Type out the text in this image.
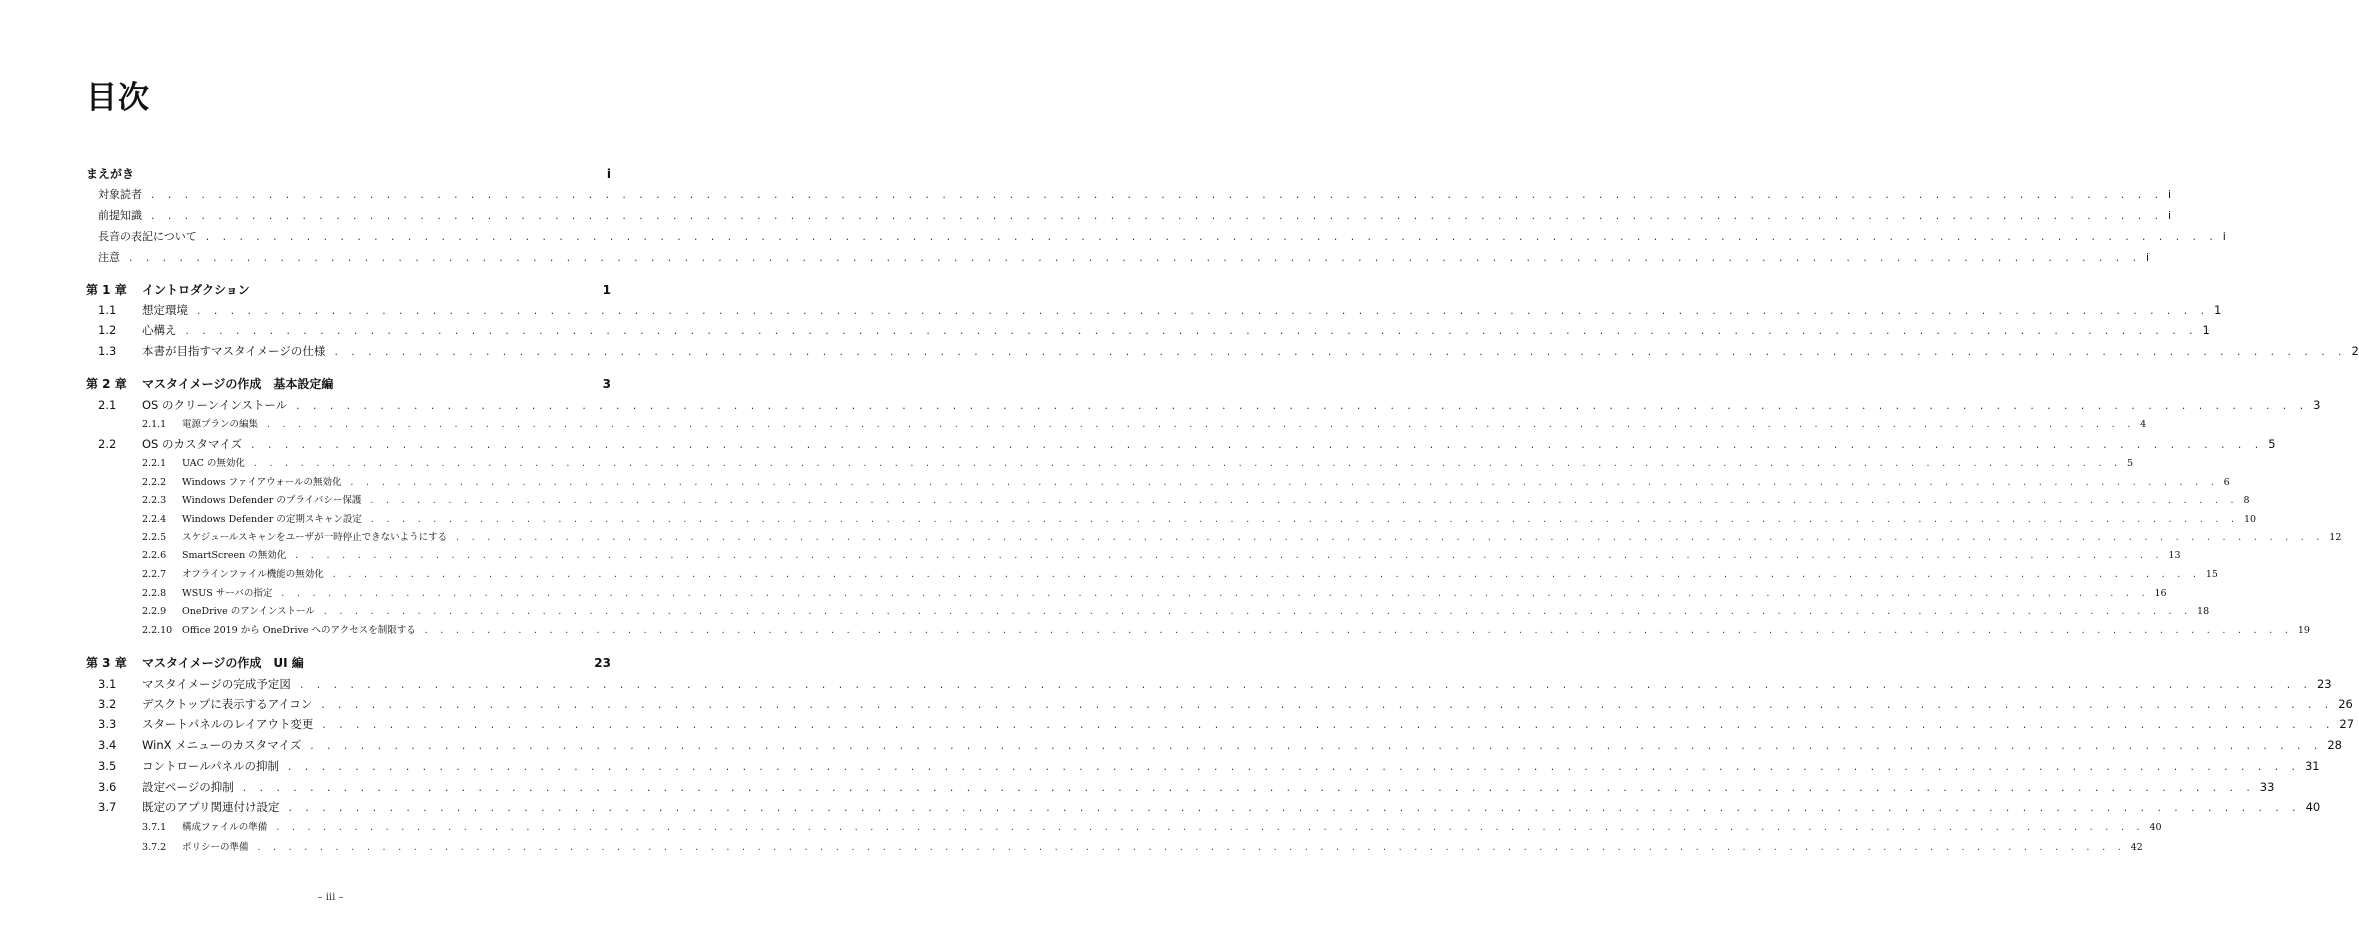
目次
まえがき	i
対象読者 . . . . . . . . . . . . . . . . . . . . . . . . . . . . . . . . . . . . . . . . . . . . . . . . . . . . . . . . . . . . . . . . . . . . . . . . . . . . . . . . . . . . . . . . . . . . . . . . . . . . . . . . . . . . . . . . . . . . . . . . i
前提知識 . . . . . . . . . . . . . . . . . . . . . . . . . . . . . . . . . . . . . . . . . . . . . . . . . . . . . . . . . . . . . . . . . . . . . . . . . . . . . . . . . . . . . . . . . . . . . . . . . . . . . . . . . . . . . . . . . . . . . . . . i
長音の表記について . . . . . . . . . . . . . . . . . . . . . . . . . . . . . . . . . . . . . . . . . . . . . . . . . . . . . . . . . . . . . . . . . . . . . . . . . . . . . . . . . . . . . . . . . . . . . . . . . . . . . . . . . . . . . . . . . . . . . . . . i
注意 . . . . . . . . . . . . . . . . . . . . . . . . . . . . . . . . . . . . . . . . . . . . . . . . . . . . . . . . . . . . . . . . . . . . . . . . . . . . . . . . . . . . . . . . . . . . . . . . . . . . . . . . . . . . . . . . . . . . . . . . i
第 1 章	イントロダクション	1
1.1	想定環境 . . . . . . . . . . . . . . . . . . . . . . . . . . . . . . . . . . . . . . . . . . . . . . . . . . . . . . . . . . . . . . . . . . . . . . . . . . . . . . . . . . . . . . . . . . . . . . . . . . . . . . . . . . . . . . . . . . . . . . . . 1
1.2	心構え . . . . . . . . . . . . . . . . . . . . . . . . . . . . . . . . . . . . . . . . . . . . . . . . . . . . . . . . . . . . . . . . . . . . . . . . . . . . . . . . . . . . . . . . . . . . . . . . . . . . . . . . . . . . . . . . . . . . . . . . 1
1.3	本書が目指すマスタイメージの仕様 . . . . . . . . . . . . . . . . . . . . . . . . . . . . . . . . . . . . . . . . . . . . . . . . . . . . . . . . . . . . . . . . . . . . . . . . . . . . . . . . . . . . . . . . . . . . . . . . . . . . . . . . . . . . . . . . . . . . . . . . 2
第 2 章	マスタイメージの作成　基本設定編	3
2.1	OS のクリーンインストール . . . . . . . . . . . . . . . . . . . . . . . . . . . . . . . . . . . . . . . . . . . . . . . . . . . . . . . . . . . . . . . . . . . . . . . . . . . . . . . . . . . . . . . . . . . . . . . . . . . . . . . . . . . . . . . . . . . . . . . . 3
2.1.1	電源プランの編集 . . . . . . . . . . . . . . . . . . . . . . . . . . . . . . . . . . . . . . . . . . . . . . . . . . . . . . . . . . . . . . . . . . . . . . . . . . . . . . . . . . . . . . . . . . . . . . . . . . . . . . . . . . . . . . . . . . . . . . . . 4
2.2	OS のカスタマイズ . . . . . . . . . . . . . . . . . . . . . . . . . . . . . . . . . . . . . . . . . . . . . . . . . . . . . . . . . . . . . . . . . . . . . . . . . . . . . . . . . . . . . . . . . . . . . . . . . . . . . . . . . . . . . . . . . . . . . . . . 5
2.2.1	UAC の無効化 . . . . . . . . . . . . . . . . . . . . . . . . . . . . . . . . . . . . . . . . . . . . . . . . . . . . . . . . . . . . . . . . . . . . . . . . . . . . . . . . . . . . . . . . . . . . . . . . . . . . . . . . . . . . . . . . . . . . . . . . 5
2.2.2	Windows ファイアウォールの無効化 . . . . . . . . . . . . . . . . . . . . . . . . . . . . . . . . . . . . . . . . . . . . . . . . . . . . . . . . . . . . . . . . . . . . . . . . . . . . . . . . . . . . . . . . . . . . . . . . . . . . . . . . . . . . . . . . . . . . . . . . 6
2.2.3	Windows Defender のプライバシー保護 . . . . . . . . . . . . . . . . . . . . . . . . . . . . . . . . . . . . . . . . . . . . . . . . . . . . . . . . . . . . . . . . . . . . . . . . . . . . . . . . . . . . . . . . . . . . . . . . . . . . . . . . . . . . . . . . . . . . . . . . 8
2.2.4	Windows Defender の定期スキャン設定 . . . . . . . . . . . . . . . . . . . . . . . . . . . . . . . . . . . . . . . . . . . . . . . . . . . . . . . . . . . . . . . . . . . . . . . . . . . . . . . . . . . . . . . . . . . . . . . . . . . . . . . . . . . . . . . . . . . . . . . . 10
2.2.5	スケジュールスキャンをユーザが一時停止できないようにする . . . . . . . . . . . . . . . . . . . . . . . . . . . . . . . . . . . . . . . . . . . . . . . . . . . . . . . . . . . . . . . . . . . . . . . . . . . . . . . . . . . . . . . . . . . . . . . . . . . . . . . . . . . . . . . . . . . . . . . . 12
2.2.6	SmartScreen の無効化 . . . . . . . . . . . . . . . . . . . . . . . . . . . . . . . . . . . . . . . . . . . . . . . . . . . . . . . . . . . . . . . . . . . . . . . . . . . . . . . . . . . . . . . . . . . . . . . . . . . . . . . . . . . . . . . . . . . . . . . . 13
2.2.7	オフラインファイル機能の無効化 . . . . . . . . . . . . . . . . . . . . . . . . . . . . . . . . . . . . . . . . . . . . . . . . . . . . . . . . . . . . . . . . . . . . . . . . . . . . . . . . . . . . . . . . . . . . . . . . . . . . . . . . . . . . . . . . . . . . . . . . 15
2.2.8	WSUS サーバの指定 . . . . . . . . . . . . . . . . . . . . . . . . . . . . . . . . . . . . . . . . . . . . . . . . . . . . . . . . . . . . . . . . . . . . . . . . . . . . . . . . . . . . . . . . . . . . . . . . . . . . . . . . . . . . . . . . . . . . . . . . 16
2.2.9	OneDrive のアンインストール . . . . . . . . . . . . . . . . . . . . . . . . . . . . . . . . . . . . . . . . . . . . . . . . . . . . . . . . . . . . . . . . . . . . . . . . . . . . . . . . . . . . . . . . . . . . . . . . . . . . . . . . . . . . . . . . . . . . . . . . 18
2.2.10	Office 2019 から OneDrive へのアクセスを制限する . . . . . . . . . . . . . . . . . . . . . . . . . . . . . . . . . . . . . . . . . . . . . . . . . . . . . . . . . . . . . . . . . . . . . . . . . . . . . . . . . . . . . . . . . . . . . . . . . . . . . . . . . . . . . . . . . . . . . . . . 19
第 3 章	マスタイメージの作成　UI 編	23
3.1	マスタイメージの完成予定図 . . . . . . . . . . . . . . . . . . . . . . . . . . . . . . . . . . . . . . . . . . . . . . . . . . . . . . . . . . . . . . . . . . . . . . . . . . . . . . . . . . . . . . . . . . . . . . . . . . . . . . . . . . . . . . . . . . . . . . . . 23
3.2	デスクトップに表示するアイコン . . . . . . . . . . . . . . . . . . . . . . . . . . . . . . . . . . . . . . . . . . . . . . . . . . . . . . . . . . . . . . . . . . . . . . . . . . . . . . . . . . . . . . . . . . . . . . . . . . . . . . . . . . . . . . . . . . . . . . . . 26
3.3	スタートパネルのレイアウト変更 . . . . . . . . . . . . . . . . . . . . . . . . . . . . . . . . . . . . . . . . . . . . . . . . . . . . . . . . . . . . . . . . . . . . . . . . . . . . . . . . . . . . . . . . . . . . . . . . . . . . . . . . . . . . . . . . . . . . . . . . 27
3.4	WinX メニューのカスタマイズ . . . . . . . . . . . . . . . . . . . . . . . . . . . . . . . . . . . . . . . . . . . . . . . . . . . . . . . . . . . . . . . . . . . . . . . . . . . . . . . . . . . . . . . . . . . . . . . . . . . . . . . . . . . . . . . . . . . . . . . . 28
3.5	コントロールパネルの抑制 . . . . . . . . . . . . . . . . . . . . . . . . . . . . . . . . . . . . . . . . . . . . . . . . . . . . . . . . . . . . . . . . . . . . . . . . . . . . . . . . . . . . . . . . . . . . . . . . . . . . . . . . . . . . . . . . . . . . . . . . 31
3.6	設定ページの抑制 . . . . . . . . . . . . . . . . . . . . . . . . . . . . . . . . . . . . . . . . . . . . . . . . . . . . . . . . . . . . . . . . . . . . . . . . . . . . . . . . . . . . . . . . . . . . . . . . . . . . . . . . . . . . . . . . . . . . . . . . 33
3.7	既定のアプリ関連付け設定 . . . . . . . . . . . . . . . . . . . . . . . . . . . . . . . . . . . . . . . . . . . . . . . . . . . . . . . . . . . . . . . . . . . . . . . . . . . . . . . . . . . . . . . . . . . . . . . . . . . . . . . . . . . . . . . . . . . . . . . . 40
3.7.1	構成ファイルの準備 . . . . . . . . . . . . . . . . . . . . . . . . . . . . . . . . . . . . . . . . . . . . . . . . . . . . . . . . . . . . . . . . . . . . . . . . . . . . . . . . . . . . . . . . . . . . . . . . . . . . . . . . . . . . . . . . . . . . . . . . 40
3.7.2	ポリシーの準備 . . . . . . . . . . . . . . . . . . . . . . . . . . . . . . . . . . . . . . . . . . . . . . . . . . . . . . . . . . . . . . . . . . . . . . . . . . . . . . . . . . . . . . . . . . . . . . . . . . . . . . . . . . . . . . . . . . . . . . . . 42
– iii –
